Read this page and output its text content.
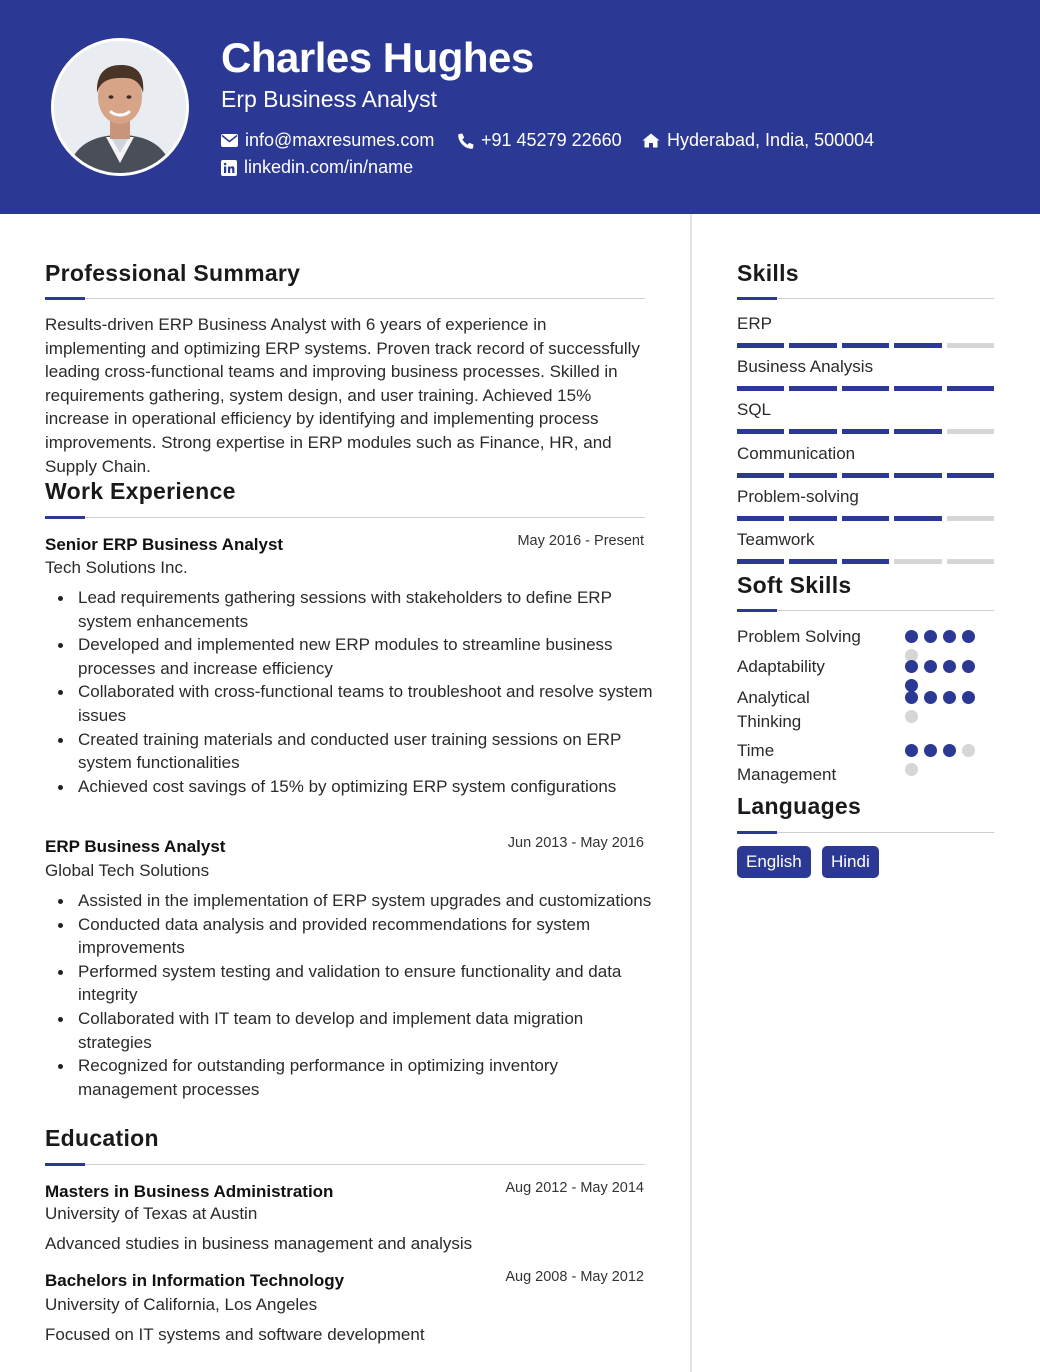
Charles Hughes
Erp Business Analyst
info@maxresumes.com	+91 45279 22660	Hyderabad, India, 500004
linkedin.com/in/name
Professional Summary
Results-driven ERP Business Analyst with 6 years of experience in implementing and optimizing ERP systems. Proven track record of successfully leading cross-functional teams and improving business processes. Skilled in requirements gathering, system design, and user training. Achieved 15% increase in operational efficiency by identifying and implementing process improvements. Strong expertise in ERP modules such as Finance, HR, and Supply Chain.
Work Experience
Senior ERP Business Analyst	May 2016 - Present
Tech Solutions Inc.
Lead requirements gathering sessions with stakeholders to define ERP system enhancements
Developed and implemented new ERP modules to streamline business processes and increase efficiency
Collaborated with cross-functional teams to troubleshoot and resolve system issues
Created training materials and conducted user training sessions on ERP system functionalities
Achieved cost savings of 15% by optimizing ERP system configurations
ERP Business Analyst	Jun 2013 - May 2016
Global Tech Solutions
Assisted in the implementation of ERP system upgrades and customizations
Conducted data analysis and provided recommendations for system improvements
Performed system testing and validation to ensure functionality and data integrity
Collaborated with IT team to develop and implement data migration strategies
Recognized for outstanding performance in optimizing inventory management processes
Education
Masters in Business Administration	Aug 2012 - May 2014
University of Texas at Austin
Advanced studies in business management and analysis
Bachelors in Information Technology	Aug 2008 - May 2012
University of California, Los Angeles
Focused on IT systems and software development
Skills
ERP
Business Analysis
SQL
Communication
Problem-solving
Teamwork
Soft Skills
Problem Solving
Adaptability
Analytical Thinking
Time Management
Languages
English	Hindi
